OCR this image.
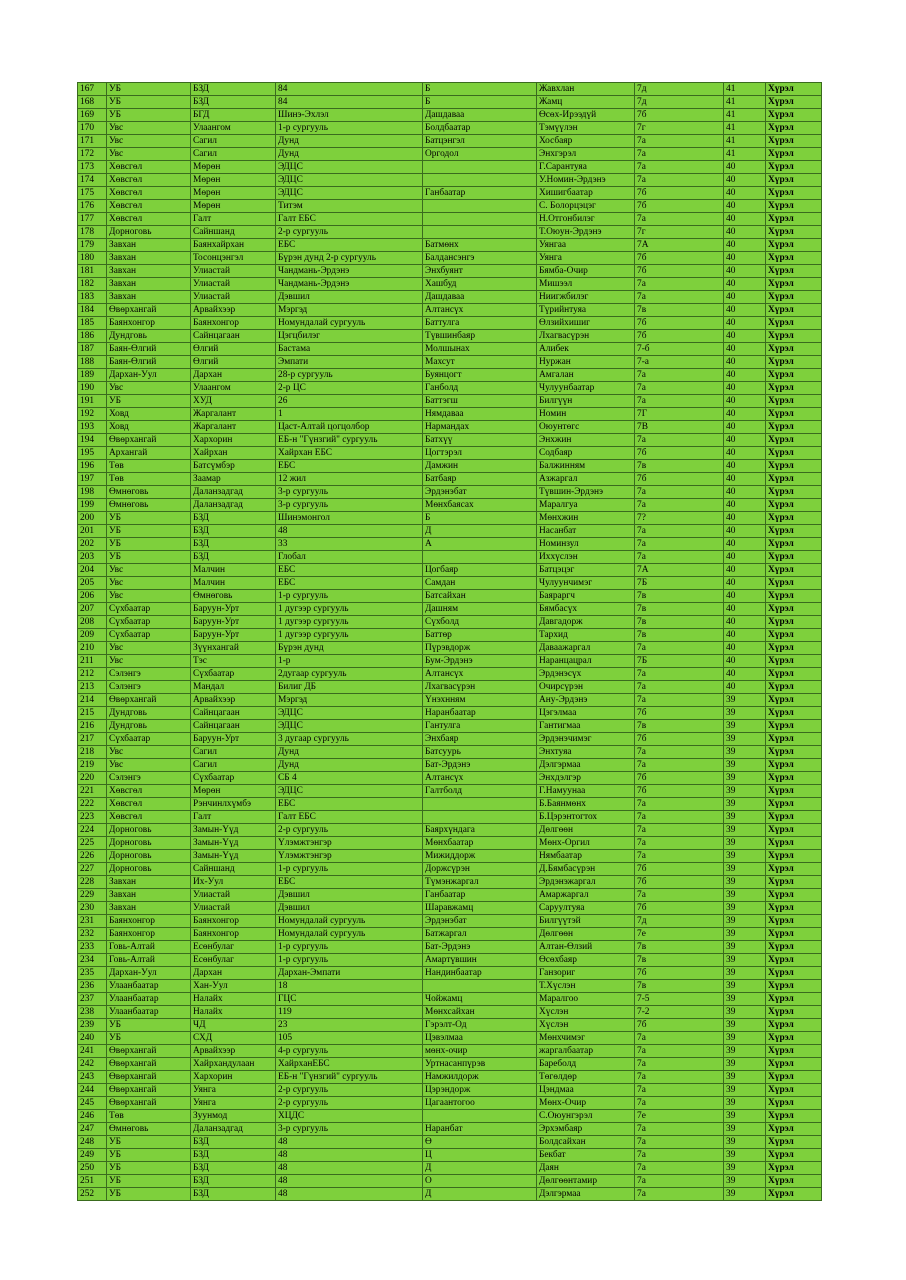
167	УБ	БЗД	84	Б	Жавхлан	7д	41	Хүрэл
168	УБ	БЗД	84	Б	Жамц	7д	41	Хүрэл
169	УБ	БГД	Шинэ-Эхлэл	Дашдаваа	Өсөх-Ирээдүй	7б	41	Хүрэл
170	Увс	Улаангом	1-р сургууль	Болдбаатар	Тэмүүлэн	7г	41	Хүрэл
171	Увс	Сагил	Дунд	Батцэнгэл	Хосбаяр	7а	41	Хүрэл
172	Увс	Сагил	Дунд	Оргодол	Энхгэрэл	7а	41	Хүрэл
173	Хөвсгөл	Мөрөн	ЭДЦС		Г.Сарантуяа	7а	40	Хүрэл
174	Хөвсгөл	Мөрөн	ЭДЦС		У.Номин-Эрдэнэ	7а	40	Хүрэл
175	Хөвсгөл	Мөрөн	ЭДЦС	Ганбаатар	Хишигбаатар	7б	40	Хүрэл
176	Хөвсгөл	Мөрөн	Титэм		С. Болорцэцэг	7б	40	Хүрэл
177	Хөвсгөл	Галт	Галт ЕБС		Н.Отгонбилэг	7а	40	Хүрэл
178	Дорноговь	Сайншанд	2-р сургууль		Т.Оюун-Эрдэнэ	7г	40	Хүрэл
179	Завхан	Баянхайрхан	ЕБС	Батмөнх	Уянгаа	7А	40	Хүрэл
180	Завхан	Тосонцэнгэл	Бүрэн дунд 2-р сургууль	Балдансэнгэ	Уянга	7б	40	Хүрэл
181	Завхан	Улиастай	Чандмань-Эрдэнэ	Энхбуянт	Бямба-Очир	7б	40	Хүрэл
182	Завхан	Улиастай	Чандмань-Эрдэнэ	Хашбуд	Мишээл	7а	40	Хүрэл
183	Завхан	Улиастай	Дэвшил	Дашдаваа	Ниигжбилэг	7а	40	Хүрэл
184	Өвөрхангай	Арвайхээр	Мэргэд	Алтансүх	Түрийнтуяа	7в	40	Хүрэл
185	Баянхонгор	Баянхонгор	Номундалай сургууль	Баттулга	Өлзийхишиг	7б	40	Хүрэл
186	Дундговь	Сайнцагаан	Цэгцбилэг	Түвшинбаяр	Лхагвасүрэн	7б	40	Хүрэл
187	Баян-Өлгий	Өлгий	Бастама	Молшынах	Алибек	7-б	40	Хүрэл
188	Баян-Өлгий	Өлгий	Эмпати	Махсут	Нуржан	7-а	40	Хүрэл
189	Дархан-Уул	Дархан	28-р сургууль	Буянцогт	Амгалан	7а	40	Хүрэл
190	Увс	Улаангом	2-р ЦС	Ганболд	Чулуунбаатар	7а	40	Хүрэл
191	УБ	ХУД	26	Баттэгш	Билгүүн	7а	40	Хүрэл
192	Ховд	Жаргалант	1	Нямдаваа	Номин	7Г	40	Хүрэл
193	Ховд	Жаргалант	Цаст-Алтай цогцолбор	Нармандах	Оюунтөгс	7В	40	Хүрэл
194	Өвөрхангай	Хархорин	ЕБ-н "Гүнзгий" сургууль	Батхүү	Энхжин	7а	40	Хүрэл
195	Архангай	Хайрхан	Хайрхан ЕБС	Цогтэрэл	Содбаяр	7б	40	Хүрэл
196	Төв	Батсүмбэр	ЕБС	Дамжин	Балжинням	7в	40	Хүрэл
197	Төв	Заамар	12 жил	Батбаяр	Азжаргал	7б	40	Хүрэл
198	Өмнөговь	Даланзадгад	3-р сургууль	Эрдэнэбат	Түвшин-Эрдэнэ	7а	40	Хүрэл
199	Өмнөговь	Даланзадгад	3-р сургууль	Мөнхбаясах	Маралгуа	7а	40	Хүрэл
200	УБ	БЗД	Шинэмонгол	Б	Мөнхжин	7?	40	Хүрэл
201	УБ	БЗД	48	Д	Насанбат	7а	40	Хүрэл
202	УБ	БЗД	33	А	Номинзул	7а	40	Хүрэл
203	УБ	БЗД	Глобал		Иххүслэн	7а	40	Хүрэл
204	Увс	Малчин	ЕБС	Цогбаяр	Батцэцэг	7А	40	Хүрэл
205	Увс	Малчин	ЕБС	Самдан	Чулуунчимэг	7Б	40	Хүрэл
206	Увс	Өмнөговь	1-р сургууль	Батсайхан	Баяраргч	7в	40	Хүрэл
207	Сүхбаатар	Баруун-Урт	1 дугээр сургууль	Дашням	Бямбасүх	7в	40	Хүрэл
208	Сүхбаатар	Баруун-Урт	1 дугээр сургууль	Сүхболд	Давгадорж	7в	40	Хүрэл
209	Сүхбаатар	Баруун-Урт	1 дугээр сургууль	Баттөр	Тархид	7в	40	Хүрэл
210	Увс	Зүүнхангай	Бүрэн дунд	Пүрэвдорж	Даваажаргал	7а	40	Хүрэл
211	Увс	Тэс	1-р	Бум-Эрдэнэ	Наранцацрал	7Б	40	Хүрэл
212	Сэлэнгэ	Сүхбаатар	2дугаар сургууль	Алтансүх	Эрдэнэсүх	7а	40	Хүрэл
213	Сэлэнгэ	Мандал	Билиг ДБ	Лхагвасүрэн	Очирсүрэн	7а	40	Хүрэл
214	Өвөрхангай	Арвайхээр	Мэргэд	Үнэхнням	Ану-Эрдэнэ	7а	39	Хүрэл
215	Дундговь	Сайнцагаан	ЭДЦС	Наранбаатар	Цэгэлмаа	7б	39	Хүрэл
216	Дундговь	Сайнцагаан	ЭДЦС	Гантулга	Гантигмаа	7в	39	Хүрэл
217	Сүхбаатар	Баруун-Урт	3 дугаар сургууль	Энхбаяр	Эрдэнэчимэг	7б	39	Хүрэл
218	Увс	Сагил	Дунд	Батсуурь	Энхтуяа	7а	39	Хүрэл
219	Увс	Сагил	Дунд	Бат-Эрдэнэ	Дэлгэрмаа	7а	39	Хүрэл
220	Сэлэнгэ	Сүхбаатар	СБ 4	Алтансүх	Энхдэлгэр	7б	39	Хүрэл
221	Хөвсгөл	Мөрөн	ЭДЦС	Галтболд	Г.Намуунаа	7б	39	Хүрэл
222	Хөвсгөл	Рэнчинлхүмбэ	ЕБС		Б.Баянмөнх	7а	39	Хүрэл
223	Хөвсгөл	Галт	Галт ЕБС		Б.Цэрэнтогтох	7а	39	Хүрэл
224	Дорноговь	Замын-Үүд	2-р сургууль	Баярхүндага	Дөлгөөн	7а	39	Хүрэл
225	Дорноговь	Замын-Үүд	Үлэмжтэнгэр	Мөнхбаатар	Мөнх-Оргил	7а	39	Хүрэл
226	Дорноговь	Замын-Үүд	Үлэмжтэнгэр	Мижиддорж	Нямбаатар	7а	39	Хүрэл
227	Дорноговь	Сайншанд	1-р сургууль	Доржсүрэн	Д.Бямбасүрэн	7б	39	Хүрэл
228	Завхан	Их-Уул	ЕБС	Түмэнжаргал	Эрдэнэжаргал	7б	39	Хүрэл
229	Завхан	Улиастай	Дэвшил	Ганбаатар	Амаржаргал	7а	39	Хүрэл
230	Завхан	Улиастай	Дэвшил	Шаравжамц	Саруултуяа	7б	39	Хүрэл
231	Баянхонгор	Баянхонгор	Номундалай сургууль	Эрдэнэбат	Билгүүтэй	7д	39	Хүрэл
232	Баянхонгор	Баянхонгор	Номундалай сургууль	Батжаргал	Дөлгөөн	7е	39	Хүрэл
233	Говь-Алтай	Есөнбулаг	1-р сургууль	Бат-Эрдэнэ	Алтан-Өлзий	7в	39	Хүрэл
234	Говь-Алтай	Есөнбулаг	1-р сургууль	Амартүвшин	Өсөхбаяр	7в	39	Хүрэл
235	Дархан-Уул	Дархан	Дархан-Эмпати	Нандинбаатар	Ганзориг	7б	39	Хүрэл
236	Улаанбаатар	Хан-Уул	18		Т.Хүслэн	7в	39	Хүрэл
237	Улаанбаатар	Налайх	ГЦС	Чойжамц	Маралгоо	7-5	39	Хүрэл
238	Улаанбаатар	Налайх	119	Мөнхсайхан	Хүслэн	7-2	39	Хүрэл
239	УБ	ЧД	23	Гэрэлт-Од	Хүслэн	7б	39	Хүрэл
240	УБ	СХД	105	Цэвэлмаа	Мөнхчимэг	7а	39	Хүрэл
241	Өвөрхангай	Арвайхээр	4-р сургууль	мөнх-очир	жаргалбаатар	7а	39	Хүрэл
242	Өвөрхангай	Хайрхандулаан	ХайрханЕБС	Уртнасанпүрэв	Бареболд	7а	39	Хүрэл
243	Өвөрхангай	Хархорин	ЕБ-н "Гүнзгий" сургууль	Намжилдорж	Төгөлдөр	7а	39	Хүрэл
244	Өвөрхангай	Уянга	2-р сургууль	Цэрэндорж	Цэндмаа	7а	39	Хүрэл
245	Өвөрхангай	Уянга	2-р сургууль	Цагаантогоо	Мөнх-Очир	7а	39	Хүрэл
246	Төв	Зуунмод	ХЦДС		С.Оюунгэрэл	7е	39	Хүрэл
247	Өмнөговь	Даланзадгад	3-р сургууль	Наранбат	Эрхэмбаяр	7а	39	Хүрэл
248	УБ	БЗД	48	Ө	Болдсайхан	7а	39	Хүрэл
249	УБ	БЗД	48	Ц	Бекбат	7а	39	Хүрэл
250	УБ	БЗД	48	Д	Даян	7а	39	Хүрэл
251	УБ	БЗД	48	О	Дөлгөөнтамир	7а	39	Хүрэл
252	УБ	БЗД	48	Д	Дэлгэрмаа	7а	39	Хүрэл
